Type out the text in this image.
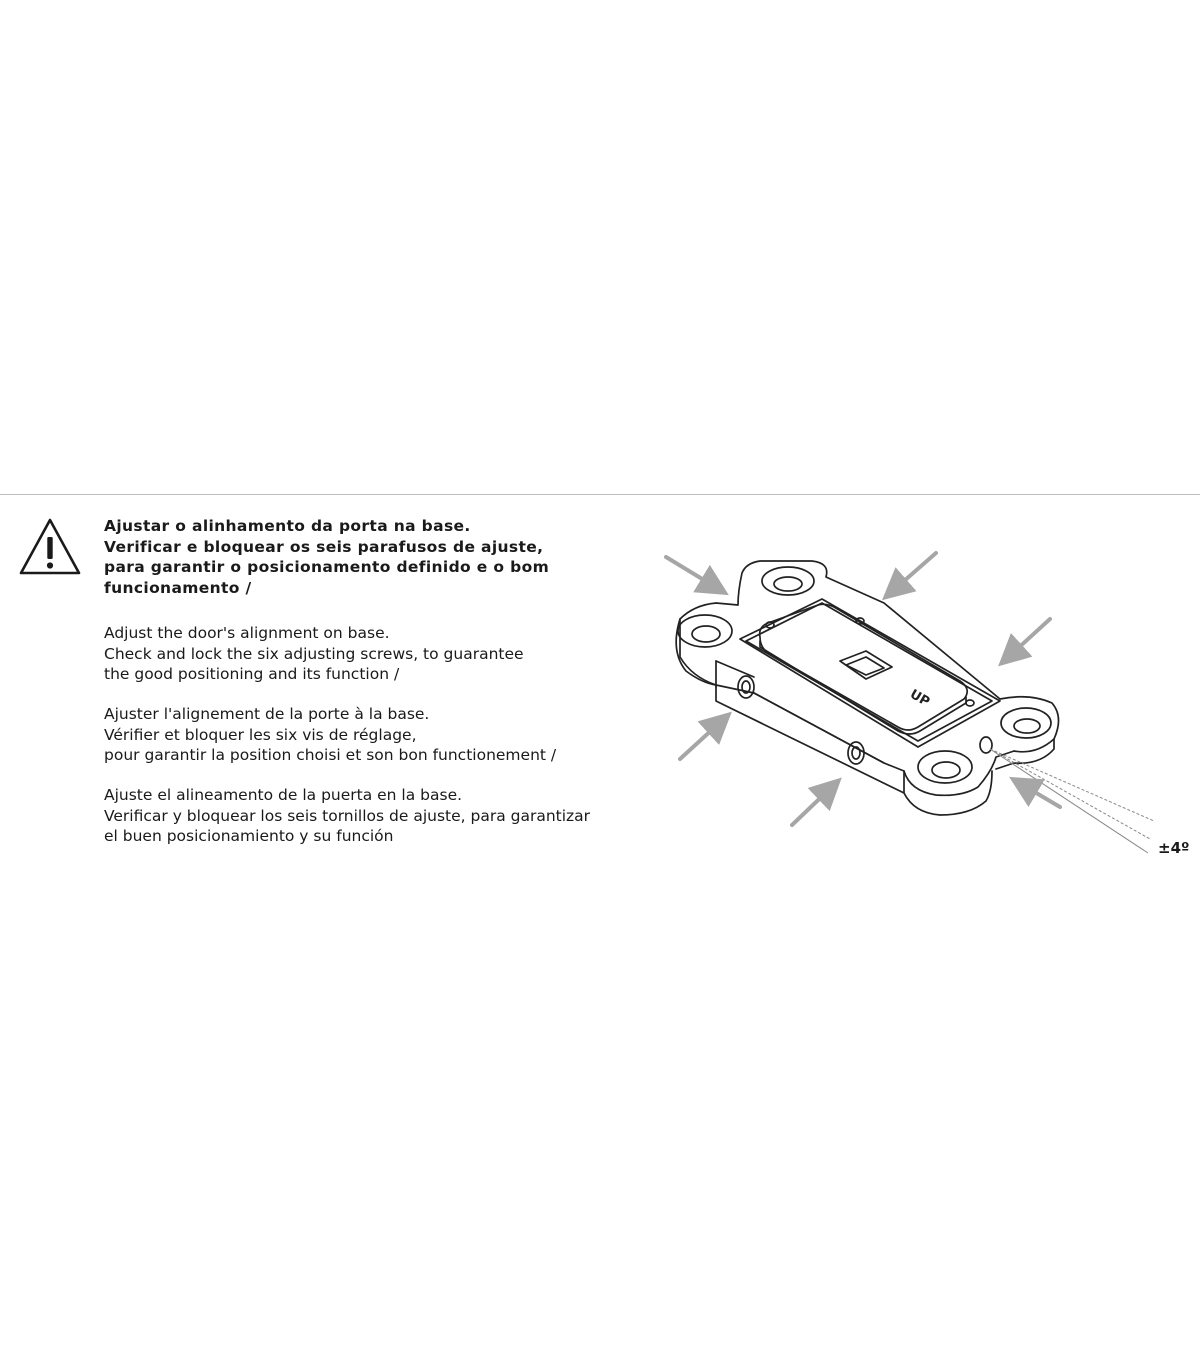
Ajustar o alinhamento da porta na base.
Verificar e bloquear os seis parafusos de ajuste,
para garantir o posicionamento definido e o bom
funcionamento /
Adjust the door's alignment on base.
Check and lock the six adjusting screws, to guarantee
the good positioning and its function /
Ajuster l'alignement de la porte à la base.
Vérifier et bloquer les six vis de réglage,
pour garantir la position choisi et son bon functionement /
Ajuste el alineamento de la puerta en la base.
Verificar y bloquear los seis tornillos de ajuste, para garantizar
el buen posicionamiento y su función
UP
±4º
